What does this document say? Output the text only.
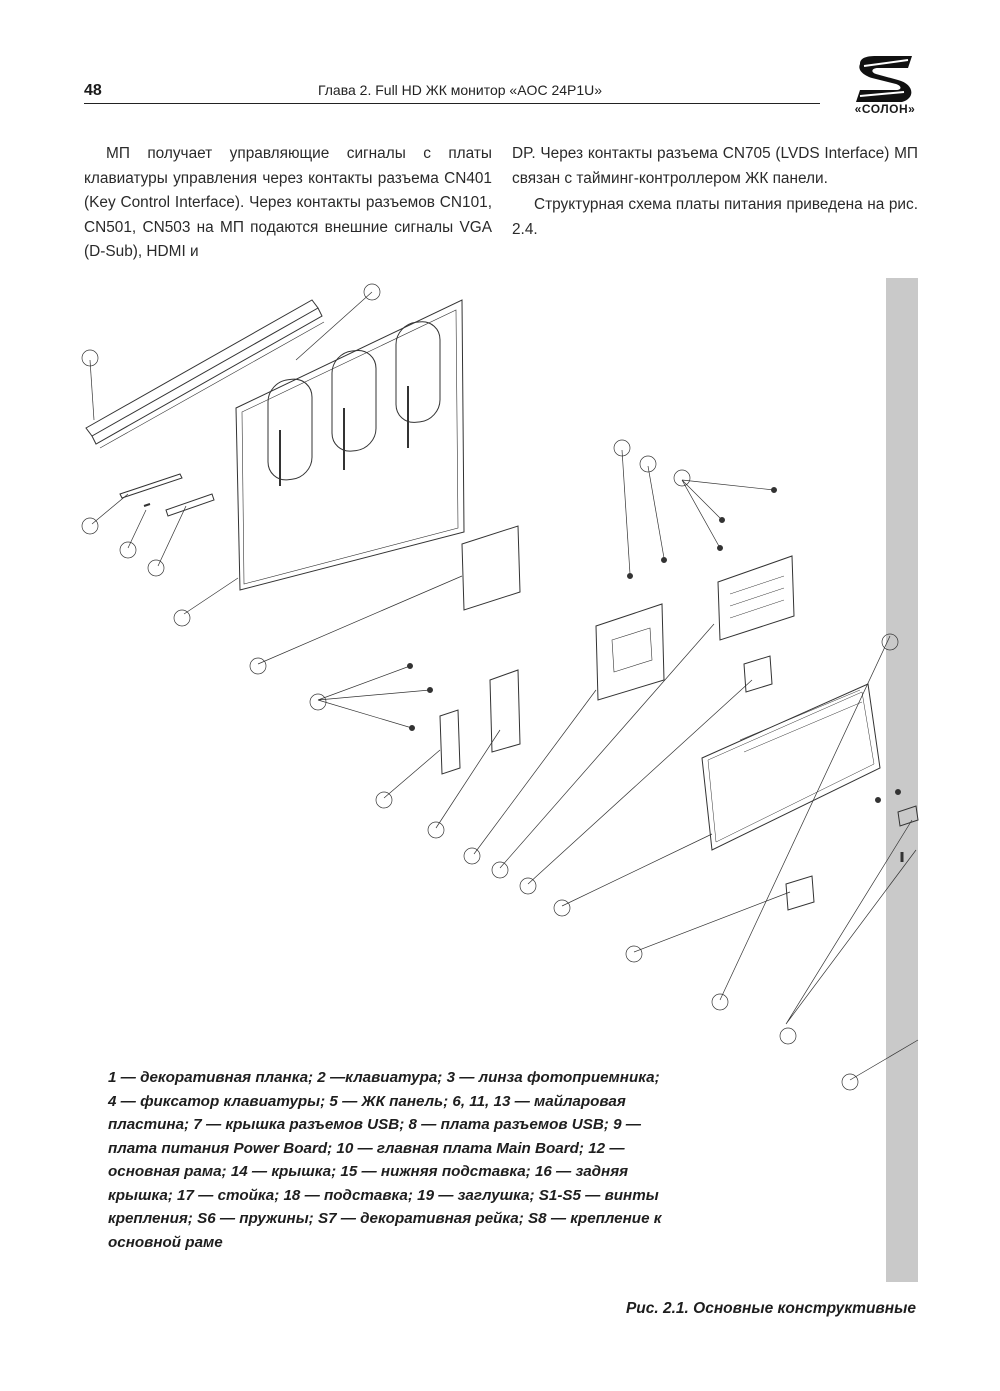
48	Глава 2. Full HD ЖК монитор «AOC 24P1U»
«СОЛОН»

МП получает управляющие сигналы с платы клавиатуры управления через контакты разъема CN401 (Key Control Interface). Через контакты разъемов CN101, CN501, CN503 на МП подаются внешние сигналы VGA (D-Sub), HDMI и

DP. Через контакты разъема CN705 (LVDS Interface) МП связан с тайминг-контроллером ЖК панели.

Структурная схема платы питания приведена на рис. 2.4.

1 — декоративная планка; 2 —клавиатура; 3 — линза фотоприемника; 4 — фиксатор клавиатуры; 5 — ЖК панель; 6, 11, 13 — майларовая пластина; 7 — крышка разъемов USB; 8 — плата разъемов USB; 9 — плата питания Power Board; 10 — главная плата Main Board; 12 — основная рама; 14 — крышка; 15 — нижняя подставка; 16 — задняя крышка; 17 — стойка; 18 — подставка; 19 — заглушка; S1-S5 — винты крепления; S6 — пружины; S7 — декоративная рейка; S8 — крепление к основной раме
Рис. 2.1. Основные конструктивные
